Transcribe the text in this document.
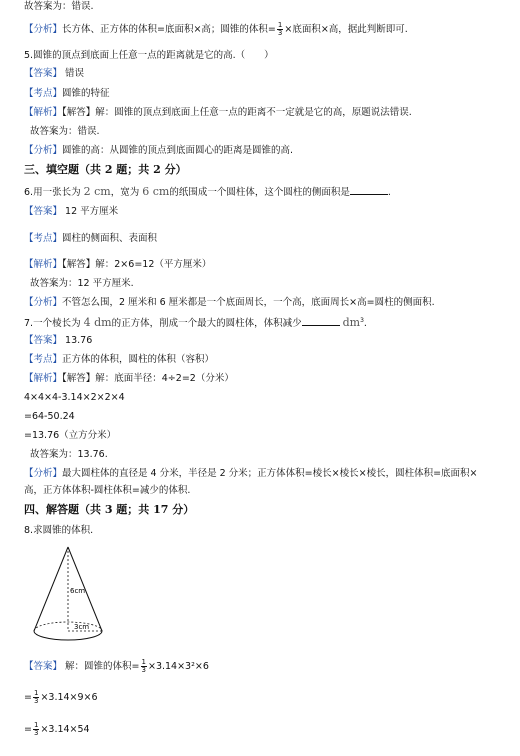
故答案为：错误.
【分析】长方体、正方体的体积=底面积×高；圆锥的体积= $\frac{1}{3}$ ×底面积×高，据此判断即可.
5.圆锥的顶点到底面上任意一点的距离就是它的高.（　　）
【答案】 错误
【考点】圆锥的特征
【解析】【解答】解：圆锥的顶点到底面上任意一点的距离不一定就是它的高，原题说法错误.
故答案为：错误.
【分析】圆锥的高：从圆锥的顶点到底面圆心的距离是圆锥的高.
三、填空题（共 2 题；共 2 分）
6.用一张长为 2 cm，宽为 6 cm的纸围成一个圆柱体，这个圆柱的侧面积是	.
【答案】 12 平方厘米
【考点】圆柱的侧面积、表面积
【解析】【解答】解：2×6=12（平方厘米）
故答案为：12 平方厘米.
【分析】不管怎么围，2 厘米和 6 厘米都是一个底面周长，一个高，底面周长×高=圆柱的侧面积.
7.一个棱长为 4 dm的正方体，削成一个最大的圆柱体，体积减少	$dm^3$.
【答案】 13.76
【考点】正方体的体积，圆柱的体积（容积）
【解析】【解答】解：底面半径：4÷2=2（分米）
4×4×4-3.14×2×2×4
=64-50.24
=13.76（立方分米）
故答案为：13.76.
【分析】最大圆柱体的直径是 4 分米，半径是 2 分米；正方体体积=棱长×棱长×棱长，圆柱体积=底面积×
高，正方体体积-圆柱体积=减少的体积.
四、解答题（共 3 题；共 17 分）
8.求圆锥的体积.
6cm
3cm
【答案】 解：圆锥的体积= $\frac{1}{3} \times 3.14\times 3^2\times 6$
= $\frac{1}{3} \times 3.14\times 9\times 6$
= $\frac{1}{3} \times 3.14\times 54$
